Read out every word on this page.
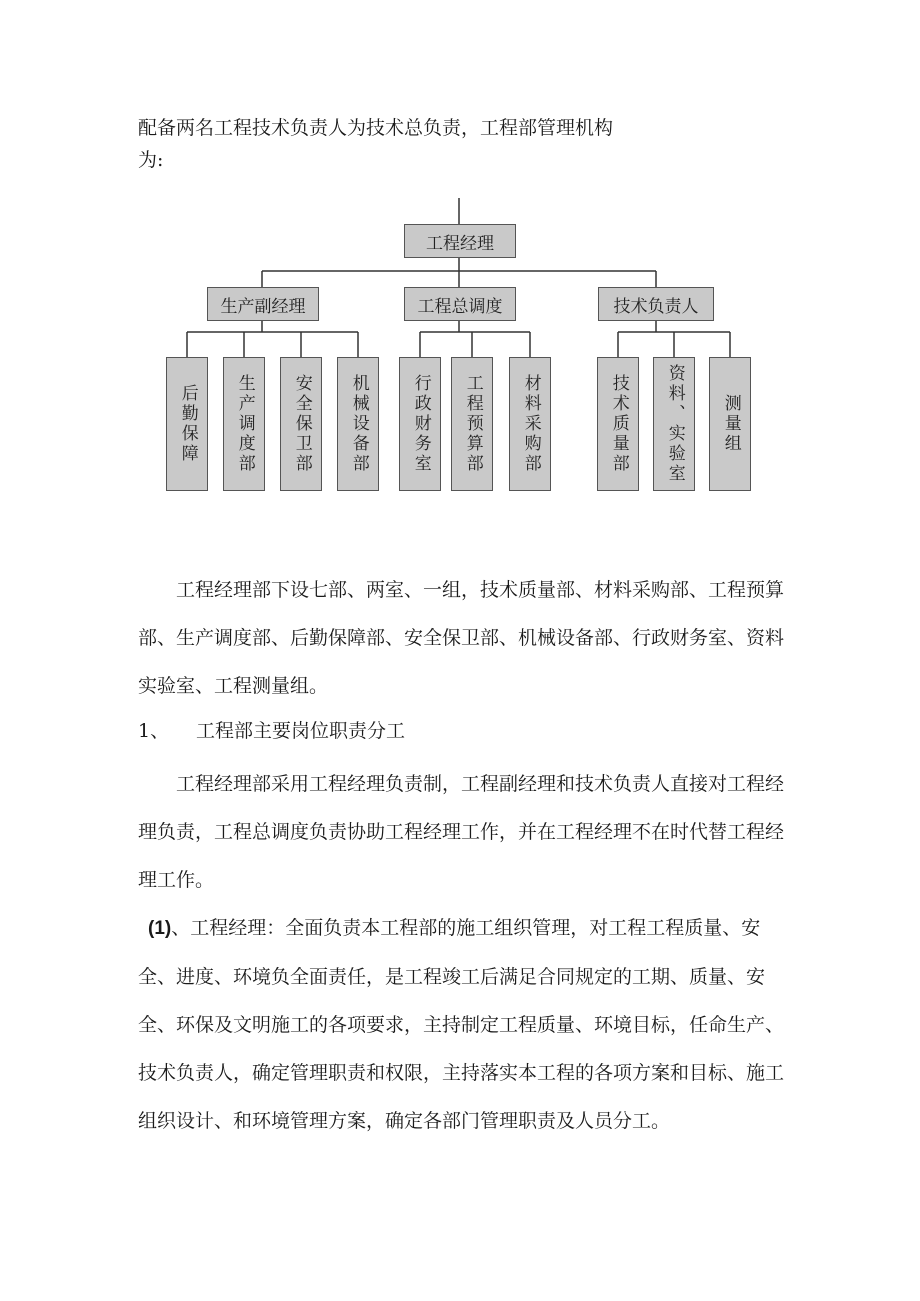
配备两名工程技术负责人为技术总负责，工程部管理机构
为:

工程经理
生产副经理	工程总调度	技术负责人
后勤保障 生产调度部 安全保卫部 机械设备部 行政财务室 工程预算部 材料采购部	技术质量部 资料、实验室 测量组

工程经理部下设七部、两室、一组，技术质量部、材料采购部、工程预算部、生产调度部、后勤保障部、安全保卫部、机械设备部、行政财务室、资料实验室、工程测量组。

1、 工程部主要岗位职责分工

工程经理部采用工程经理负责制，工程副经理和技术负责人直接对工程经理负责，工程总调度负责协助工程经理工作，并在工程经理不在时代替工程经理工作。

(1)、工程经理：全面负责本工程部的施工组织管理，对工程工程质量、安全、进度、环境负全面责任，是工程竣工后满足合同规定的工期、质量、安全、环保及文明施工的各项要求，主持制定工程质量、环境目标，任命生产、技术负责人，确定管理职责和权限，主持落实本工程的各项方案和目标、施工组织设计、和环境管理方案，确定各部门管理职责及人员分工。
